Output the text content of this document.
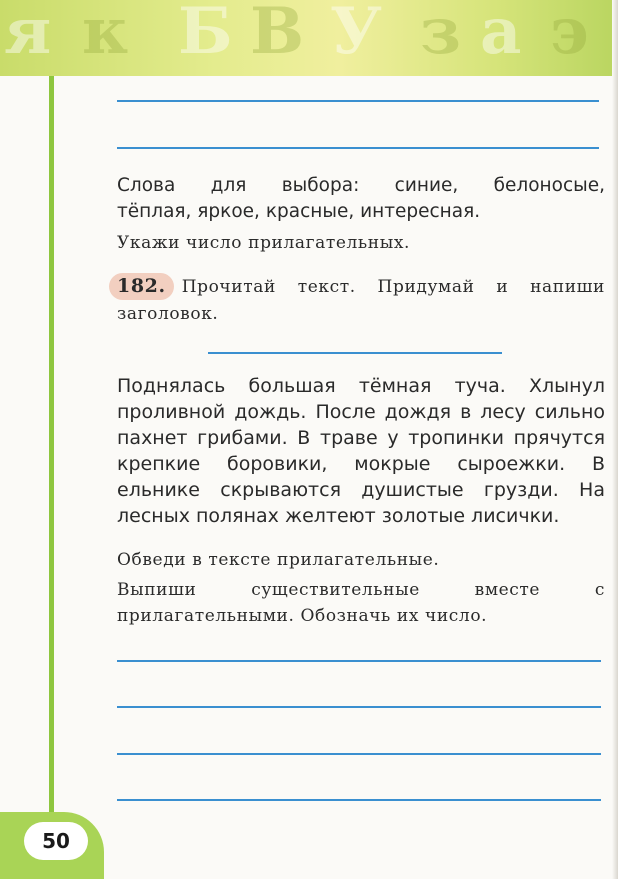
я к Б В У з а э
50
Слова для выбора: синие, белоносые,
тёплая, яркое, красные, интересная.
Укажи число прилагательных.
182. Прочитай текст. Придумай и напиши заголовок.
Поднялась большая тёмная туча. Хлынул проливной дождь. После дождя в лесу сильно пахнет грибами. В траве у тропинки прячутся крепкие боровики, мокрые сыроежки. В ельнике скрываются душистые грузди. На лесных полянах желтеют золотые лисички.
Обведи в тексте прилагательные.
Выпиши существительные вместе с прилагательными. Обозначь их число.
